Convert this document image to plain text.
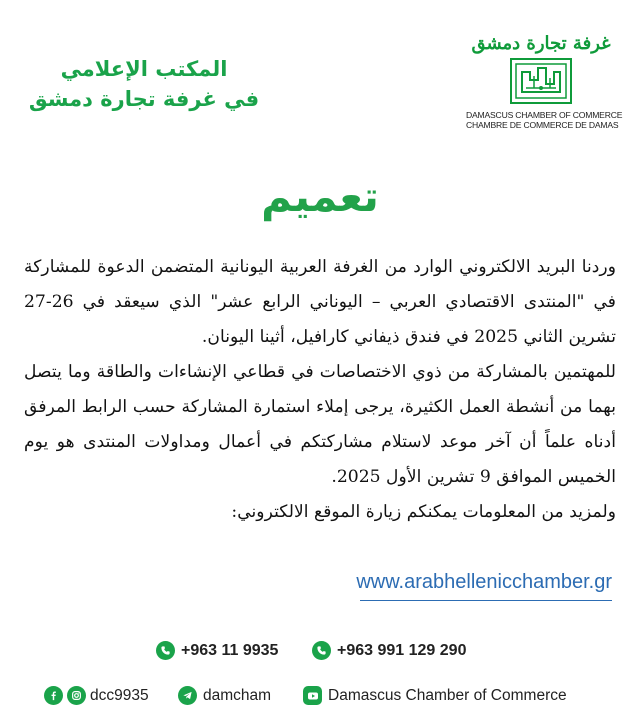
غرفة تجارة دمشق
DAMASCUS CHAMBER OF COMMERCE
CHAMBRE DE COMMERCE DE DAMAS
المكتب الإعلامي
في غرفة تجارة دمشق
تعميم

وردنا البريد الالكتروني الوارد من الغرفة العربية اليونانية المتضمن الدعوة للمشاركة في "المنتدى الاقتصادي العربي – اليوناني الرابع عشر" الذي سيعقد في 26-27 تشرين الثاني 2025 في فندق ذيفاني كارافيل، أثينا اليونان.

للمهتمين بالمشاركة من ذوي الاختصاصات في قطاعي الإنشاءات والطاقة وما يتصل بهما من أنشطة العمل الكثيرة، يرجى إملاء استمارة المشاركة حسب الرابط المرفق أدناه علماً أن آخر موعد لاستلام مشاركتكم في أعمال ومداولات المنتدى هو يوم الخميس الموافق 9 تشرين الأول 2025.

ولمزيد من المعلومات يمكنكم زيارة الموقع الالكتروني:

www.arabhellenicchamber.gr
+963 991 129 290
+963 11 9935
Damascus Chamber of Commerce
damcham
dcc9935
